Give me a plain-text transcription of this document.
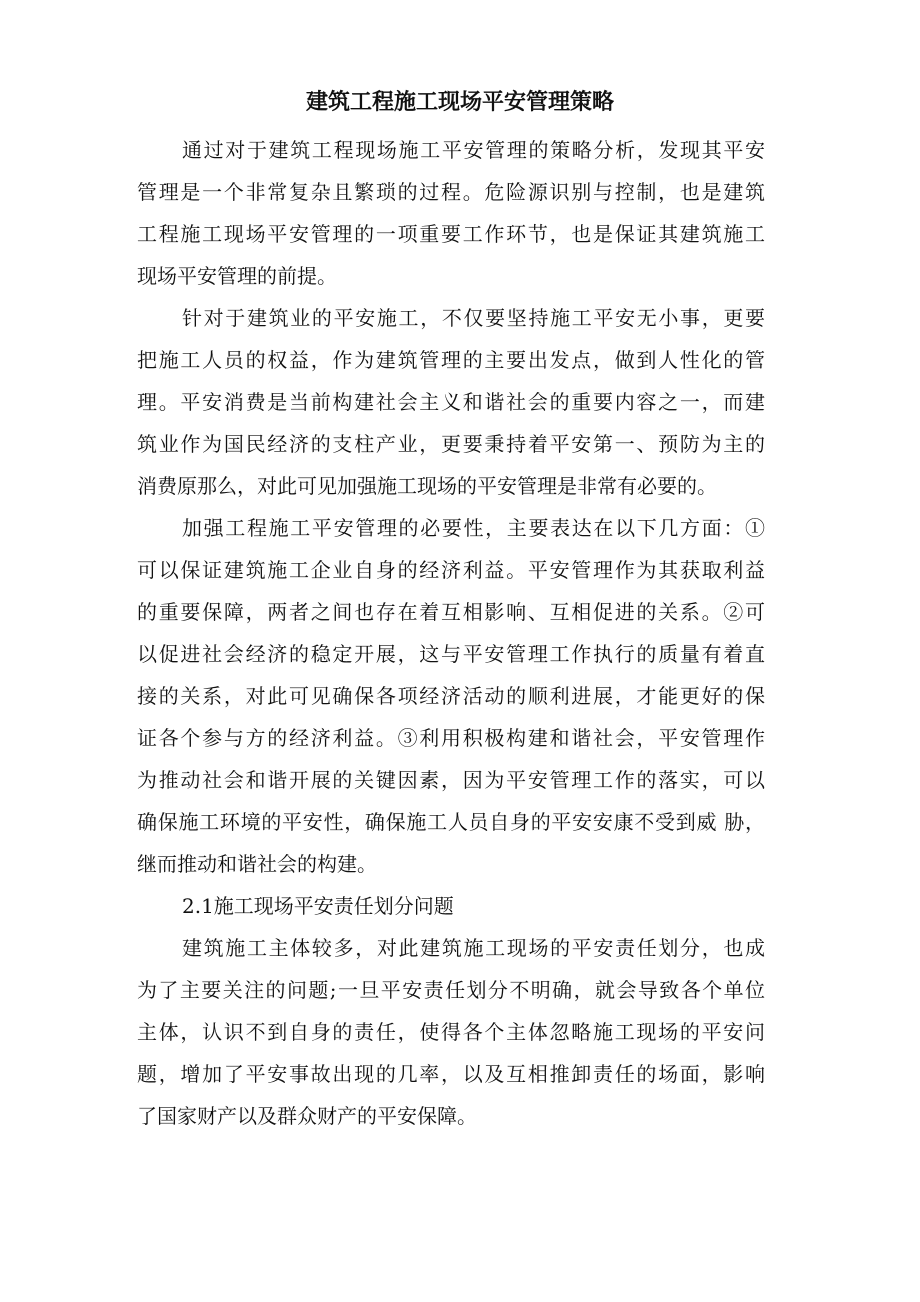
建筑工程施工现场平安管理策略
通过对于建筑工程现场施工平安管理的策略分析，发现其平安
管理是一个非常复杂且繁琐的过程。危险源识别与控制，也是建筑
工程施工现场平安管理的一项重要工作环节，也是保证其建筑施工
现场平安管理的前提。
针对于建筑业的平安施工，不仅要坚持施工平安无小事，更要
把施工人员的权益，作为建筑管理的主要出发点，做到人性化的管
理。平安消费是当前构建社会主义和谐社会的重要内容之一，而建
筑业作为国民经济的支柱产业，更要秉持着平安第一、预防为主的
消费原那么，对此可见加强施工现场的平安管理是非常有必要的。
加强工程施工平安管理的必要性，主要表达在以下几方面：①
可以保证建筑施工企业自身的经济利益。平安管理作为其获取利益
的重要保障，两者之间也存在着互相影响、互相促进的关系。②可
以促进社会经济的稳定开展，这与平安管理工作执行的质量有着直
接的关系，对此可见确保各项经济活动的顺利进展，才能更好的保
证各个参与方的经济利益。③利用积极构建和谐社会，平安管理作
为推动社会和谐开展的关键因素，因为平安管理工作的落实，可以
确保施工环境的平安性，确保施工人员自身的平安安康不受到威 胁，
继而推动和谐社会的构建。
2.1施工现场平安责任划分问题
建筑施工主体较多，对此建筑施工现场的平安责任划分，也成
为了主要关注的问题;一旦平安责任划分不明确，就会导致各个单位
主体，认识不到自身的责任，使得各个主体忽略施工现场的平安问
题，增加了平安事故出现的几率，以及互相推卸责任的场面，影响
了国家财产以及群众财产的平安保障。
